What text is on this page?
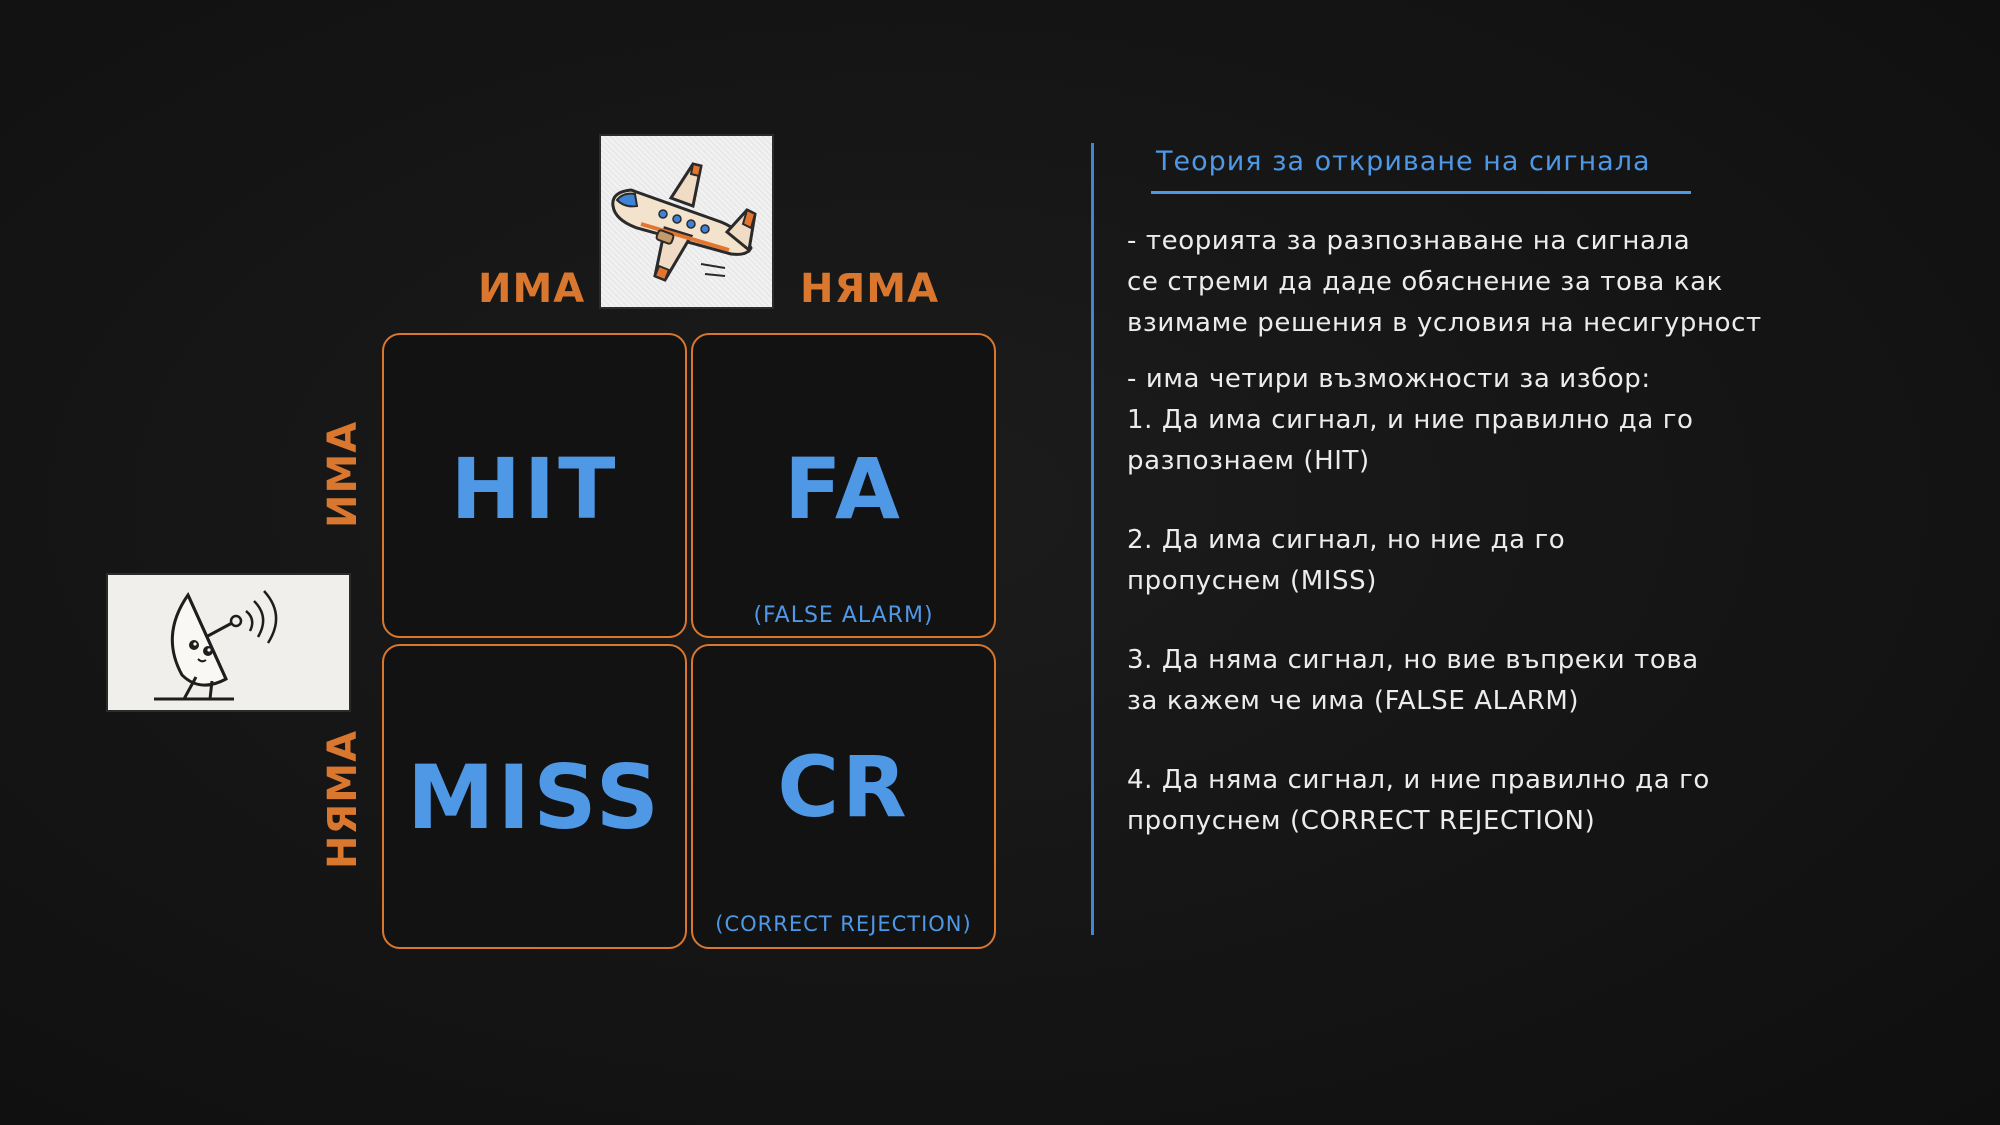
ИМА	НЯМА
ИМА
НЯМА
HIT	FA
(FALSE ALARM)
MISS	CR
(CORRECT REJECTION)
Теория за откриване на сигнала
- теорията за разпознаване на сигнала
се стреми да даде обяснение за това как
взимаме решения в условия на несигурност
- има четири възможности за избор:
1. Да има сигнал, и ние правилно да го
разпознаем (HIT)
2. Да има сигнал, но ние да го
пропуснем (MISS)
3. Да няма сигнал, но вие въпреки това
за кажем че има (FALSE ALARM)
4. Да няма сигнал, и ние правилно да го
пропуснем (CORRECT REJECTION)
